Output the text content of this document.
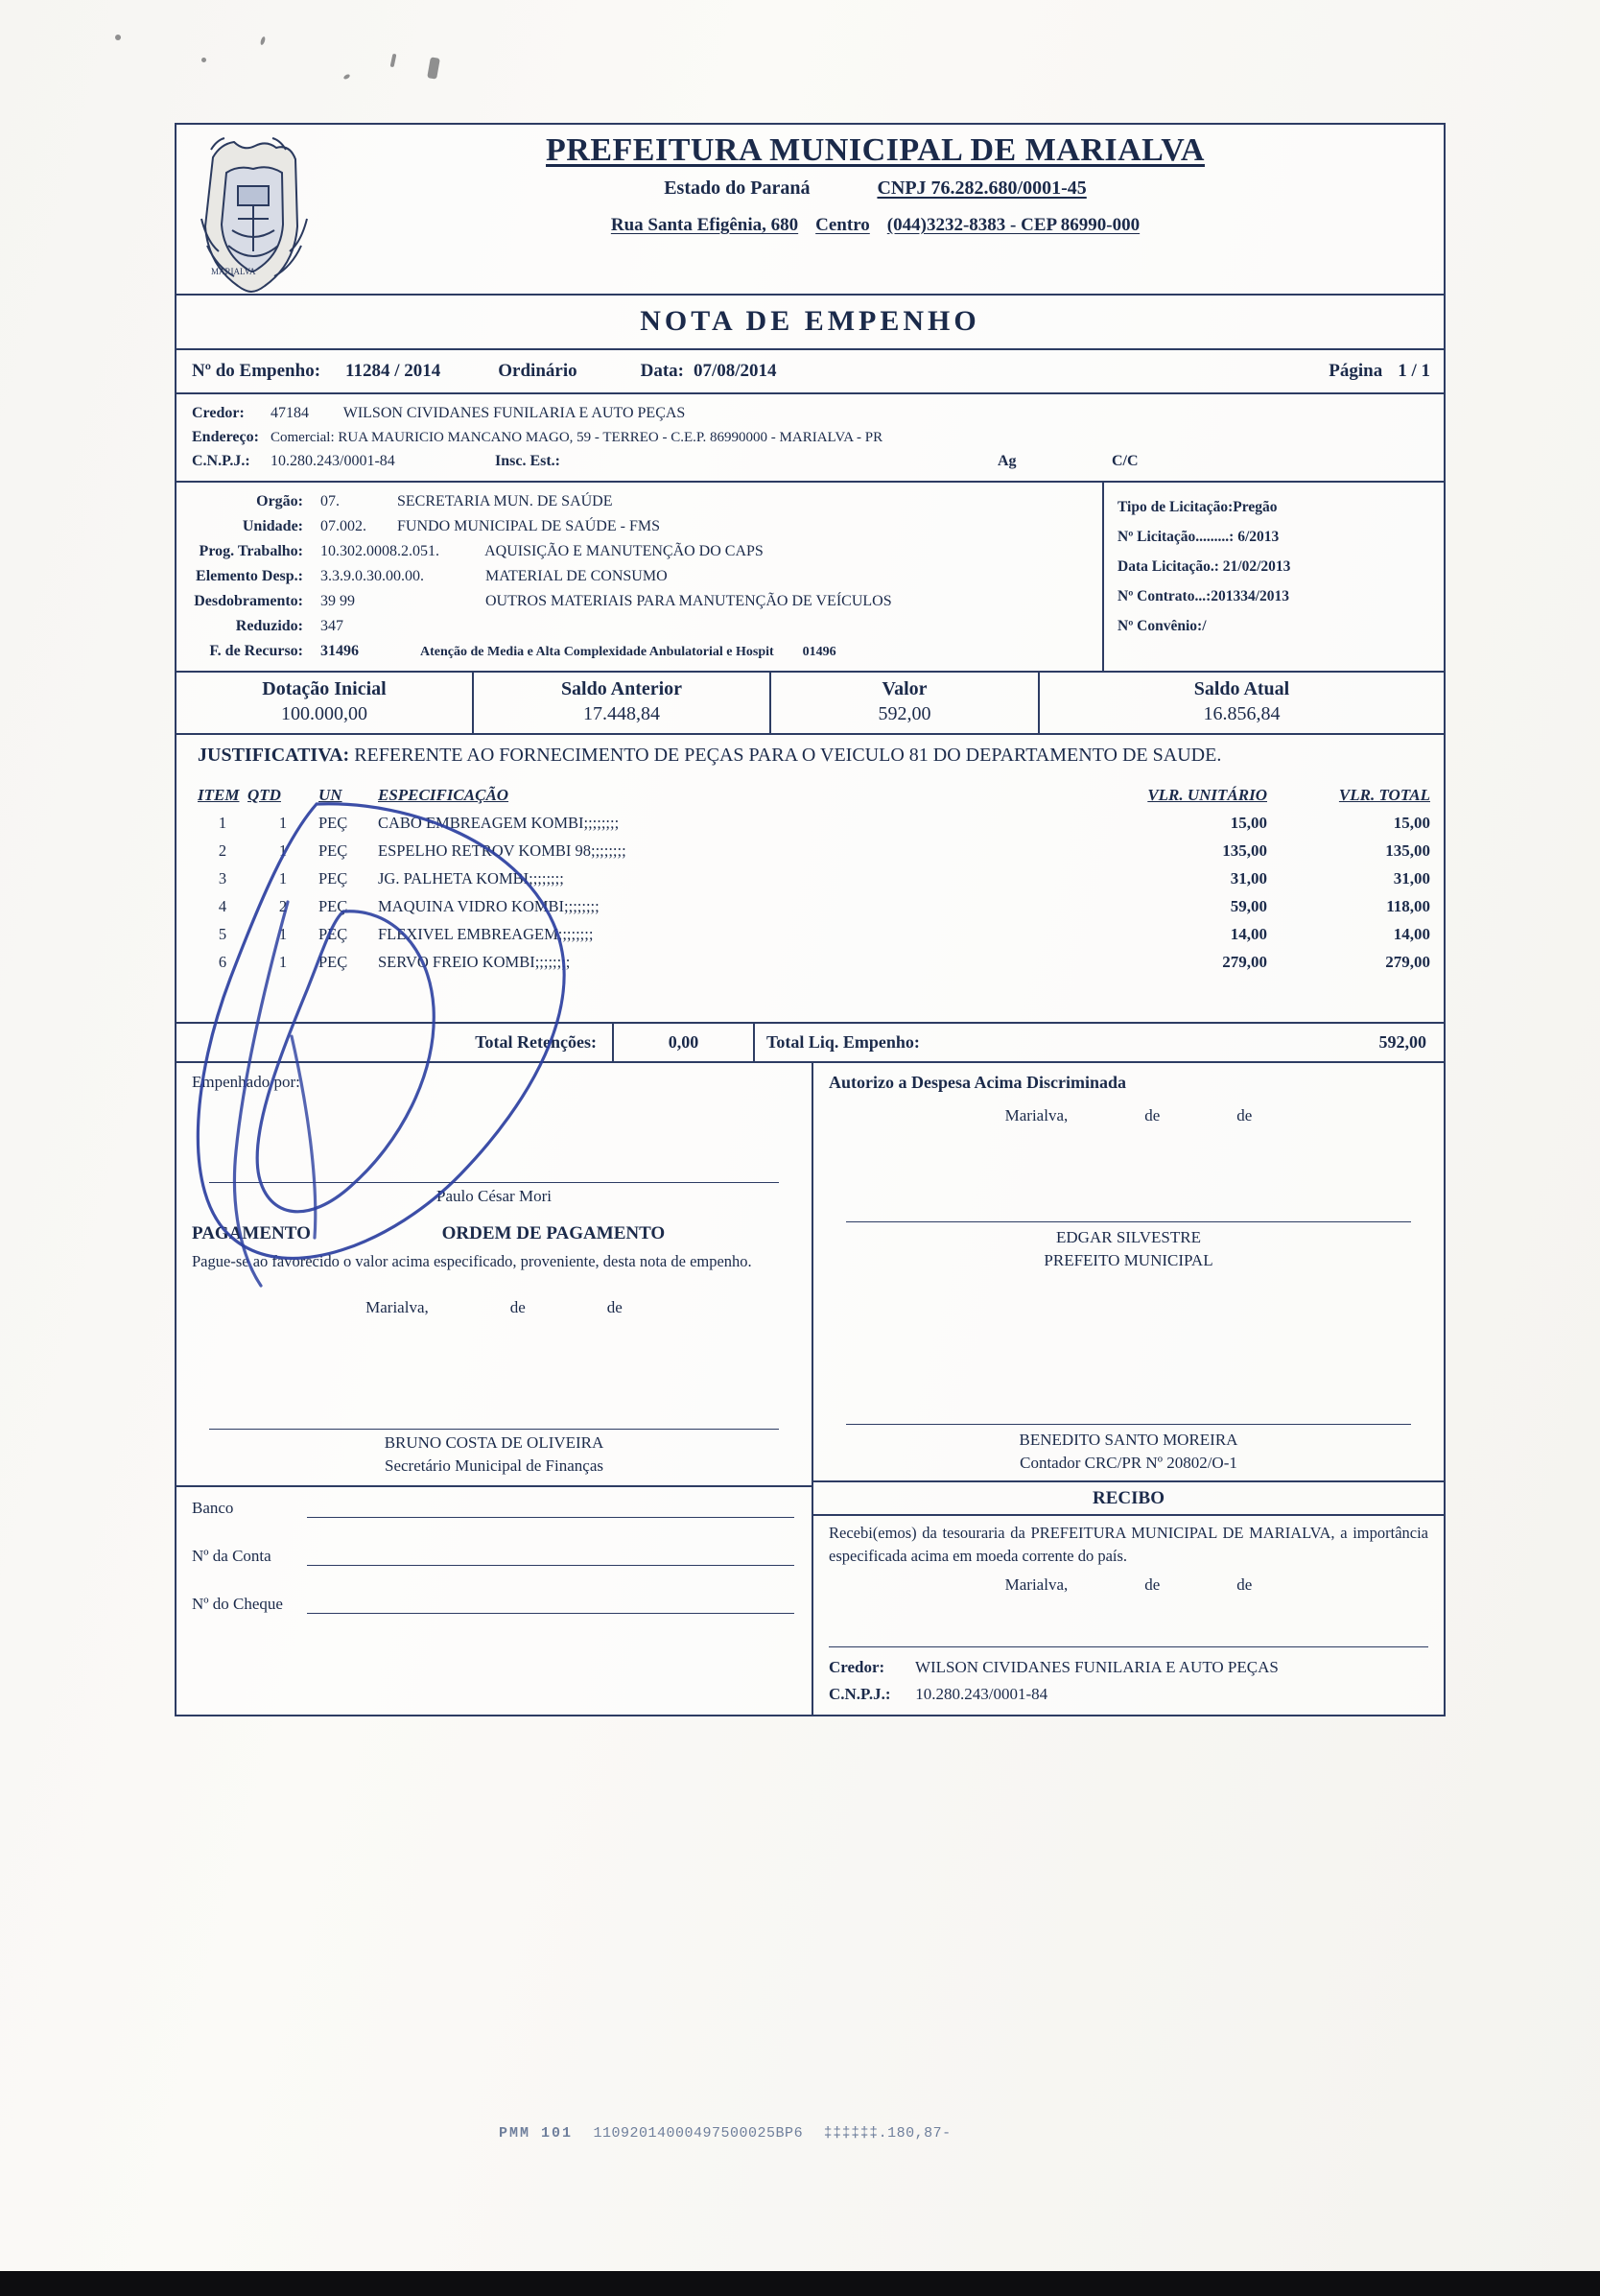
MARIALVA
PREFEITURA MUNICIPAL DE MARIALVA
Estado do Paraná	CNPJ 76.282.680/0001-45
Rua Santa Efigênia, 680 Centro (044)3232-8383 - CEP 86990-000
NOTA DE EMPENHO
Nº do Empenho: 11284 / 2014	Ordinário	Data: 07/08/2014	Página 1 / 1
Credor: 47184 WILSON CIVIDANES FUNILARIA E AUTO PEÇAS
Endereço: Comercial: RUA MAURICIO MANCANO MAGO, 59 - TERREO - C.E.P. 86990000 - MARIALVA - PR
C.N.P.J.: 10.280.243/0001-84	Insc. Est.:	Ag	C/C
Orgão: 07.	SECRETARIA MUN. DE SAÚDE
Unidade: 07.002. FUNDO MUNICIPAL DE SAÚDE - FMS
Prog. Trabalho: 10.302.0008.2.051.	AQUISIÇÃO E MANUTENÇÃO DO CAPS
Elemento Desp.: 3.3.9.0.30.00.00.	MATERIAL DE CONSUMO
Desdobramento: 39 99	OUTROS MATERIAIS PARA MANUTENÇÃO DE VEÍCULOS
Reduzido: 347
F. de Recurso: 31496	Atenção de Media e Alta Complexidade Anbulatorial e Hospit 01496
Tipo de Licitação:Pregão
Nº Licitação.........: 6/2013
Data Licitação.: 21/02/2013
Nº Contrato...:201334/2013
Nº Convênio:/
Dotação Inicial
100.000,00
Saldo Anterior
17.448,84
Valor
592,00
Saldo Atual
16.856,84
JUSTIFICATIVA: REFERENTE AO FORNECIMENTO DE PEÇAS PARA O VEICULO 81 DO DEPARTAMENTO DE SAUDE.
ITEM QTD	UN	ESPECIFICAÇÃO	VLR. UNITÁRIO	VLR. TOTAL
1	1	PEÇ	CABO EMBREAGEM KOMBI;;;;;;;;	15,00	15,00
2	1	PEÇ	ESPELHO RETROV KOMBI 98;;;;;;;;	135,00	135,00
3	1	PEÇ	JG. PALHETA KOMBI;;;;;;;;	31,00	31,00
4	2	PEÇ	MAQUINA VIDRO KOMBI;;;;;;;;	59,00	118,00
5	1	PEÇ	FLEXIVEL EMBREAGEM;;;;;;;;	14,00	14,00
6	1	PEÇ	SERVO FREIO KOMBI;;;;;;;;	279,00	279,00
Total Retenções:	0,00	Total Liq. Empenho:	592,00
Empenhado por:
Paulo César Mori
PAGAMENTO	ORDEM DE PAGAMENTO
Pague-se ao favorecido o valor acima especificado, proveniente, desta nota de empenho.
Marialva,	de	de
BRUNO COSTA DE OLIVEIRA
Secretário Municipal de Finanças
Banco
Nº da Conta
Nº do Cheque
Autorizo a Despesa Acima Discriminada
Marialva,	de	de
EDGAR SILVESTRE
PREFEITO MUNICIPAL
BENEDITO SANTO MOREIRA
Contador CRC/PR Nº 20802/O-1
RECIBO
Recebi(emos) da tesouraria da PREFEITURA MUNICIPAL DE MARIALVA, a importância especificada acima em moeda corrente do país.
Marialva,	de	de
Credor: WILSON CIVIDANES FUNILARIA E AUTO PEÇAS
C.N.P.J.: 10.280.243/0001-84
PMM 101 11092014000497500025BP6 ‡‡‡‡‡‡.180,87-
